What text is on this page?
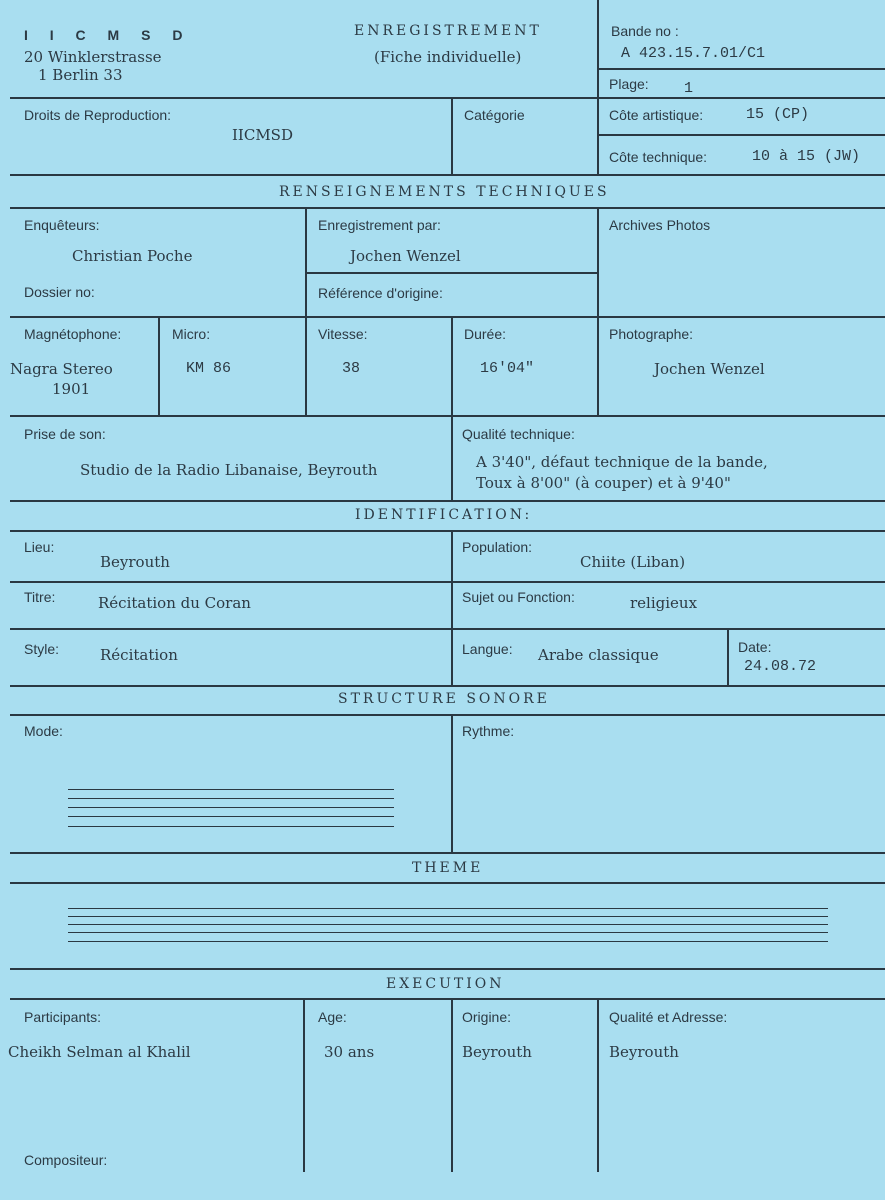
I I C M S D
20 Winklerstrasse
1 Berlin 33
ENREGISTREMENT
(Fiche individuelle)
Bande no :
A 423.15.7.01/C1
Plage: 1
Droits de Reproduction:
IICMSD
Catégorie	Côte artistique:	15 (CP)
Côte technique:	10 à 15 (JW)
RENSEIGNEMENTS TECHNIQUES
Enquêteurs:
Christian Poche
Enregistrement par:
Jochen Wenzel
Archives Photos
Dossier no:	Référence d'origine:
Magnétophone:
Nagra Stereo
1901
Micro:
KM 86
Vitesse:
38
Durée:
16'04"
Photographe:
Jochen Wenzel
Prise de son:
Studio de la Radio Libanaise, Beyrouth
Qualité technique:
A 3'40", défaut technique de la bande,
Toux à 8'00" (à couper) et à 9'40"
IDENTIFICATION:
Lieu:
Beyrouth
Population:
Chiite (Liban)
Titre:	Récitation du Coran	Sujet ou Fonction:	religieux
Style:	Récitation	Langue: Arabe classique	Date:
24.08.72
STRUCTURE SONORE
Mode:	Rythme:
THEME
EXECUTION
Participants:
Cheikh Selman al Khalil
Age:
30 ans
Origine:
Beyrouth
Qualité et Adresse:
Beyrouth
Compositeur:
